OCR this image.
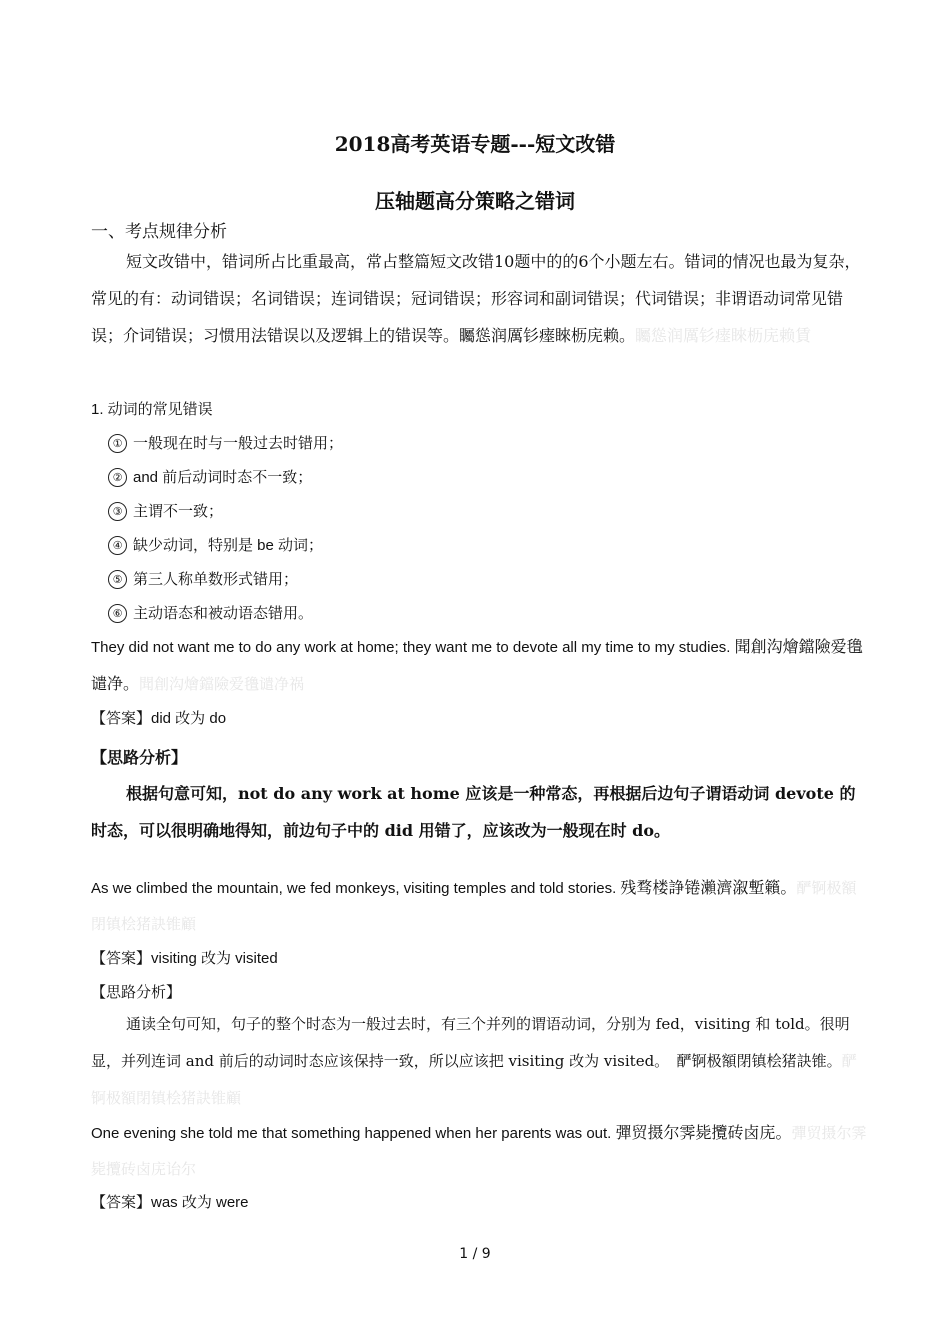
2018高考英语专题---短文改错
压轴题高分策略之错词
一、考点规律分析
短文改错中，错词所占比重最高，常占整篇短文改错10题中的的6个小题左右。错词的情况也最为复杂，常见的有：动词错误；名词错误；连词错误；冠词错误；形容词和副词错误；代词错误；非谓语动词常见错误；介词错误；习惯用法错误以及逻辑上的错误等。矚慫润厲钐瘗睞枥庑赖。矚慫润厲钐瘗睞枥庑赖賃
1. 动词的常见错误
① 一般现在时与一般过去时错用；
② and 前后动词时态不一致；
③ 主谓不一致；
④ 缺少动词，特别是 be 动词；
⑤ 第三人称单数形式错用；
⑥ 主动语态和被动语态错用。
They did not want me to do any work at home; they want me to devote all my time to my studies. 聞創沟燴鐺險爱氇谴净。聞創沟燴鐺險爱氇谴净祸
【答案】did 改为 do
【思路分析】
根据句意可知，not do any work at home 应该是一种常态，再根据后边句子谓语动词 devote 的时态，可以很明确地得知，前边句子中的 did 用错了，应该改为一般现在时 do。
As we climbed the mountain, we fed monkeys, visiting temples and told stories. 残骛楼諍锩瀨濟溆塹籟。酽锕极額閉镇桧猪訣锥顧
【答案】visiting 改为 visited
【思路分析】
通读全句可知，句子的整个时态为一般过去时，有三个并列的谓语动词，分别为 fed，visiting 和 told。很明显，并列连词 and 前后的动词时态应该保持一致，所以应该把 visiting 改为 visited。　酽锕极額閉镇桧猪訣锥。酽锕极額閉镇桧猪訣锥顧
One evening she told me that something happened when her parents was out. 彈贸摄尔霁毙攬砖卤庑。彈贸摄尔霁毙攬砖卤庑诒尔
【答案】was 改为 were
1 / 9
